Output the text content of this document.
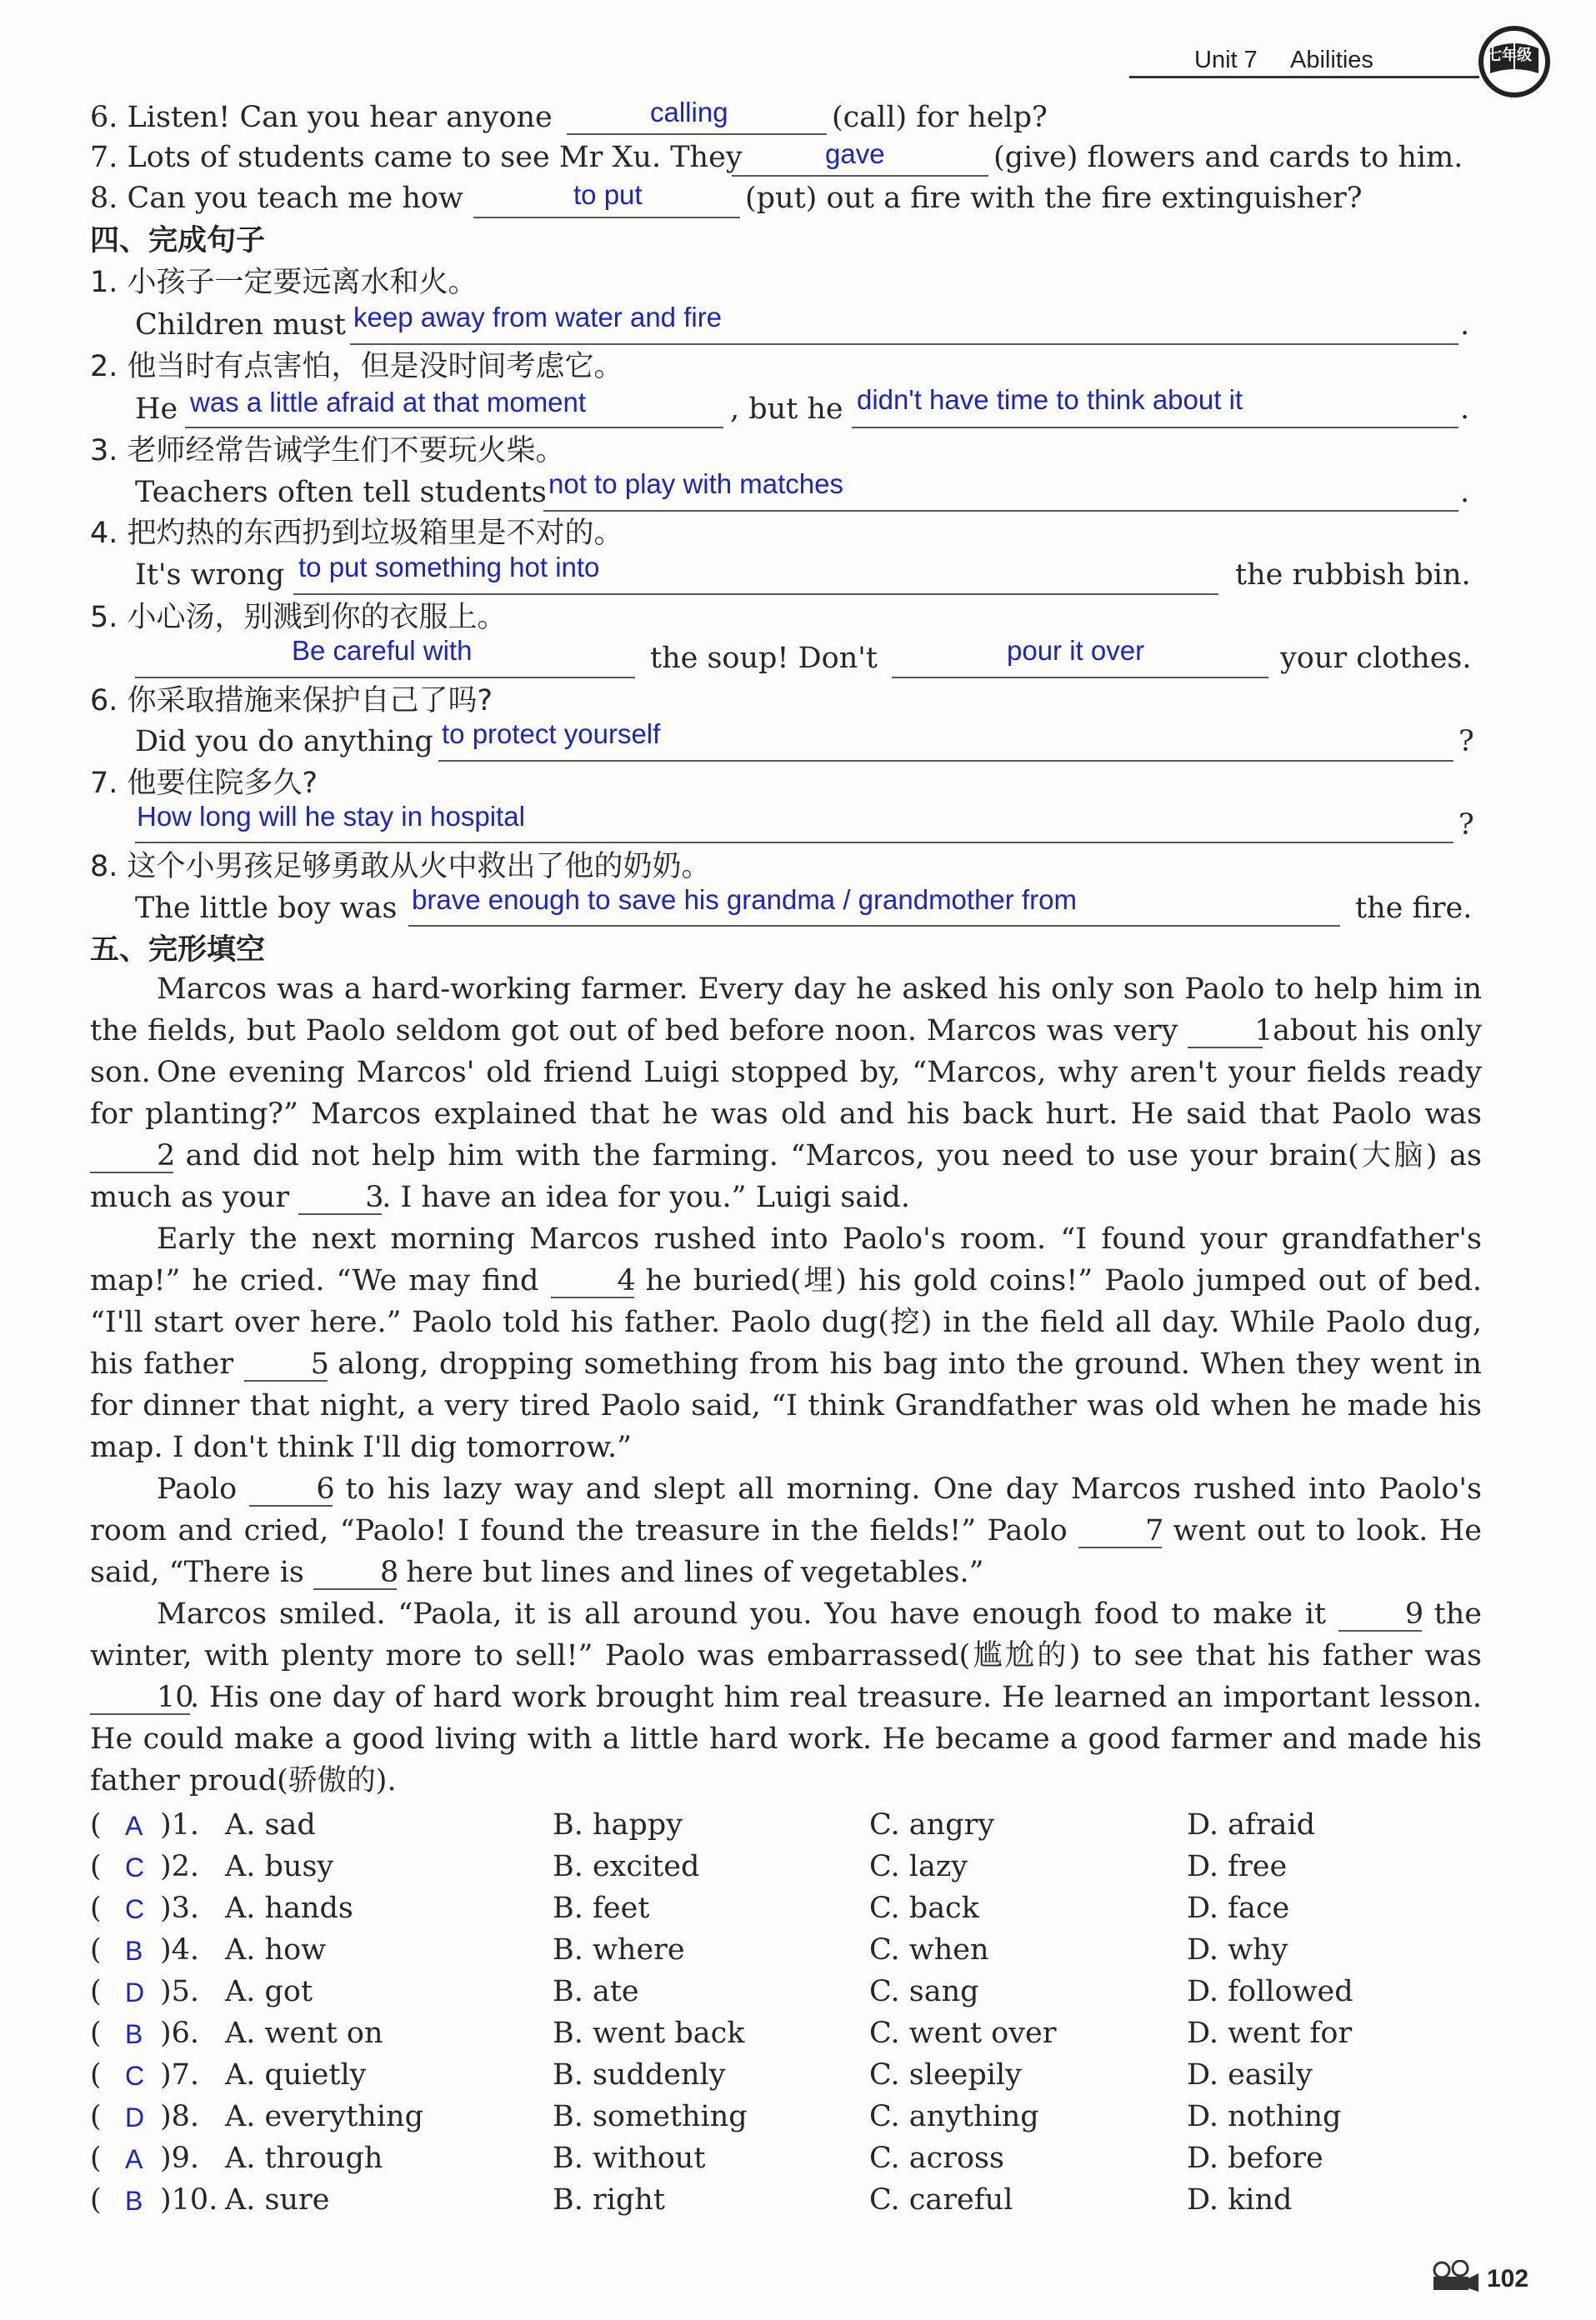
Unit 7 Abilities	七年级
6. Listen! Can you hear anyone	calling	(call) for help?
7. Lots of students came to see Mr Xu. They	gave	(give) flowers and cards to him.
8. Can you teach me how	to put	(put) out a fire with the fire extinguisher?
四、完成句子
1. 小孩子一定要远离水和火。
Children must keep away from water and fire	.
2. 他当时有点害怕，但是没时间考虑它。
He was a little afraid at that moment	, but he didn't have time to think about it	.
3. 老师经常告诫学生们不要玩火柴。
Teachers often tell students not to play with matches	.
4. 把灼热的东西扔到垃圾箱里是不对的。
It's wrong to put something hot into	the rubbish bin.
5. 小心汤，别溅到你的衣服上。
Be careful with	the soup! Don't	pour it over	your clothes.
6. 你采取措施来保护自己了吗?
Did you do anything to protect yourself	?
7. 他要住院多久?
How long will he stay in hospital	?
8. 这个小男孩足够勇敢从火中救出了他的奶奶。
The little boy was brave enough to save his grandma / grandmother from	the fire.
五、完形填空
Marcos was a hard-working farmer. Every day he asked his only son Paolo to help him in the fields, but Paolo seldom got out of bed before noon. Marcos was very	1 about his only son. One evening Marcos' old friend Luigi stopped by, “Marcos, why aren't your fields ready for planting?” Marcos explained that he was old and his back hurt. He said that Paolo was 2 and did not help him with the farming. “Marcos, you need to use your brain(大脑) as much as your	3. I have an idea for you.” Luigi said.
Early the next morning Marcos rushed into Paolo's room. “I found your grandfather's map!” he cried. “We may find	4 he buried(埋) his gold coins!” Paolo jumped out of bed. “I'll start over here.” Paolo told his father. Paolo dug(挖) in the field all day. While Paolo dug, his father	5 along, dropping something from his bag into the ground. When they went in for dinner that night, a very tired Paolo said, “I think Grandfather was old when he made his map. I don't think I'll dig tomorrow.”
Paolo	6 to his lazy way and slept all morning. One day Marcos rushed into Paolo's room and cried, “Paolo! I found the treasure in the fields!” Paolo	7 went out to look. He said, “There is	8 here but lines and lines of vegetables.”
Marcos smiled. “Paola, it is all around you. You have enough food to make it	9 the winter, with plenty more to sell!” Paolo was embarrassed(尴尬的) to see that his father was 10. His one day of hard work brought him real treasure. He learned an important lesson. He could make a good living with a little hard work. He became a good farmer and made his father proud(骄傲的).
( A )1. A. sad	B. happy	C. angry	D. afraid
( C )2. A. busy	B. excited	C. lazy	D. free
( C )3. A. hands	B. feet	C. back	D. face
( B )4. A. how	B. where	C. when	D. why
( D )5. A. got	B. ate	C. sang	D. followed
( B )6. A. went on	B. went back	C. went over	D. went for
( C )7. A. quietly	B. suddenly	C. sleepily	D. easily
( D )8. A. everything	B. something	C. anything	D. nothing
( A )9. A. through	B. without	C. across	D. before
( B )10. A. sure	B. right	C. careful	D. kind
102
